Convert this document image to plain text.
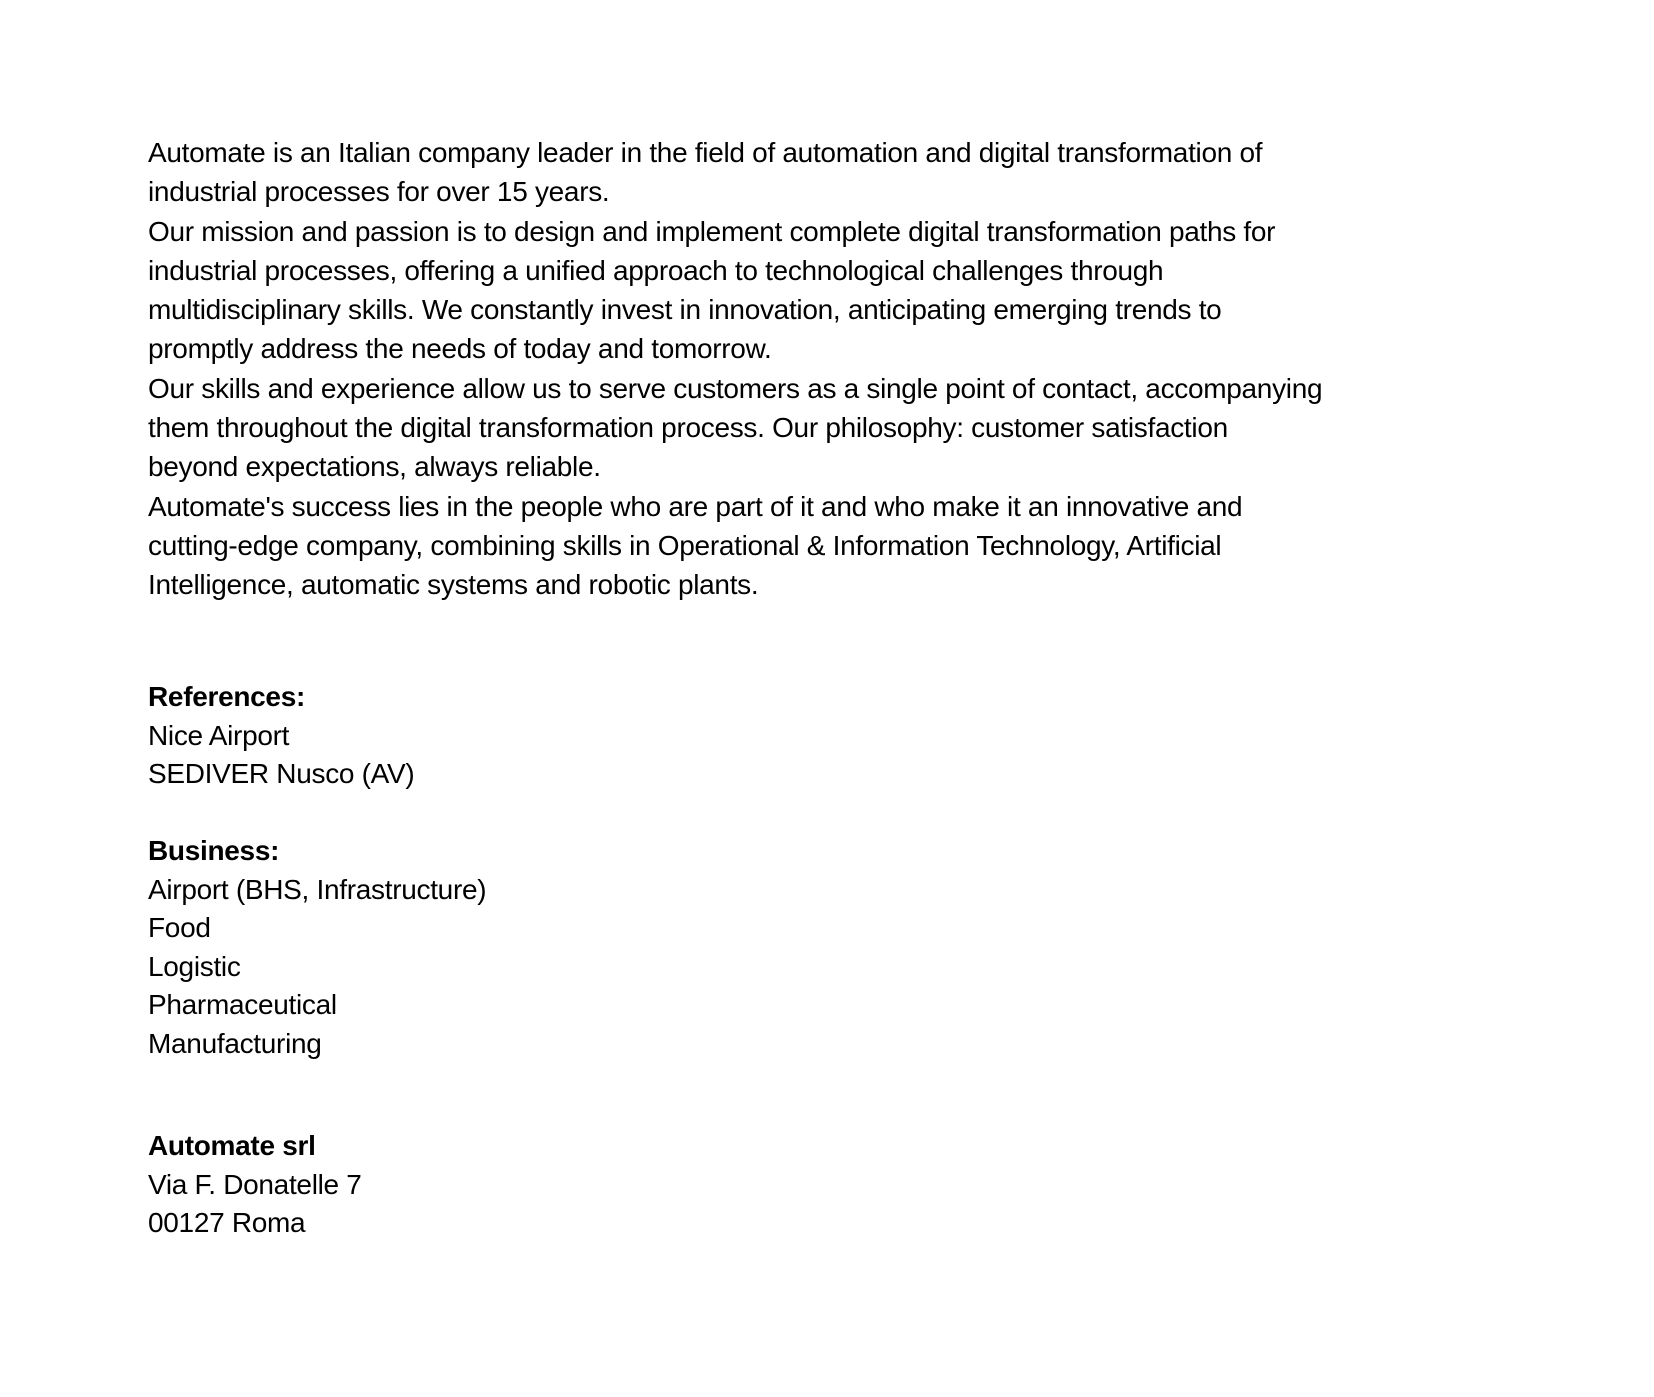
Automate is an Italian company leader in the field of automation and digital transformation of
industrial processes for over 15 years.
Our mission and passion is to design and implement complete digital transformation paths for
industrial processes, offering a unified approach to technological challenges through
multidisciplinary skills. We constantly invest in innovation, anticipating emerging trends to
promptly address the needs of today and tomorrow.
Our skills and experience allow us to serve customers as a single point of contact, accompanying
them throughout the digital transformation process. Our philosophy: customer satisfaction
beyond expectations, always reliable.
Automate's success lies in the people who are part of it and who make it an innovative and
cutting-edge company, combining skills in Operational & Information Technology, Artificial
Intelligence, automatic systems and robotic plants.
References:
Nice Airport
SEDIVER Nusco (AV)
Business:
Airport (BHS, Infrastructure)
Food
Logistic
Pharmaceutical
Manufacturing
Automate srl
Via F. Donatelle 7
00127 Roma
